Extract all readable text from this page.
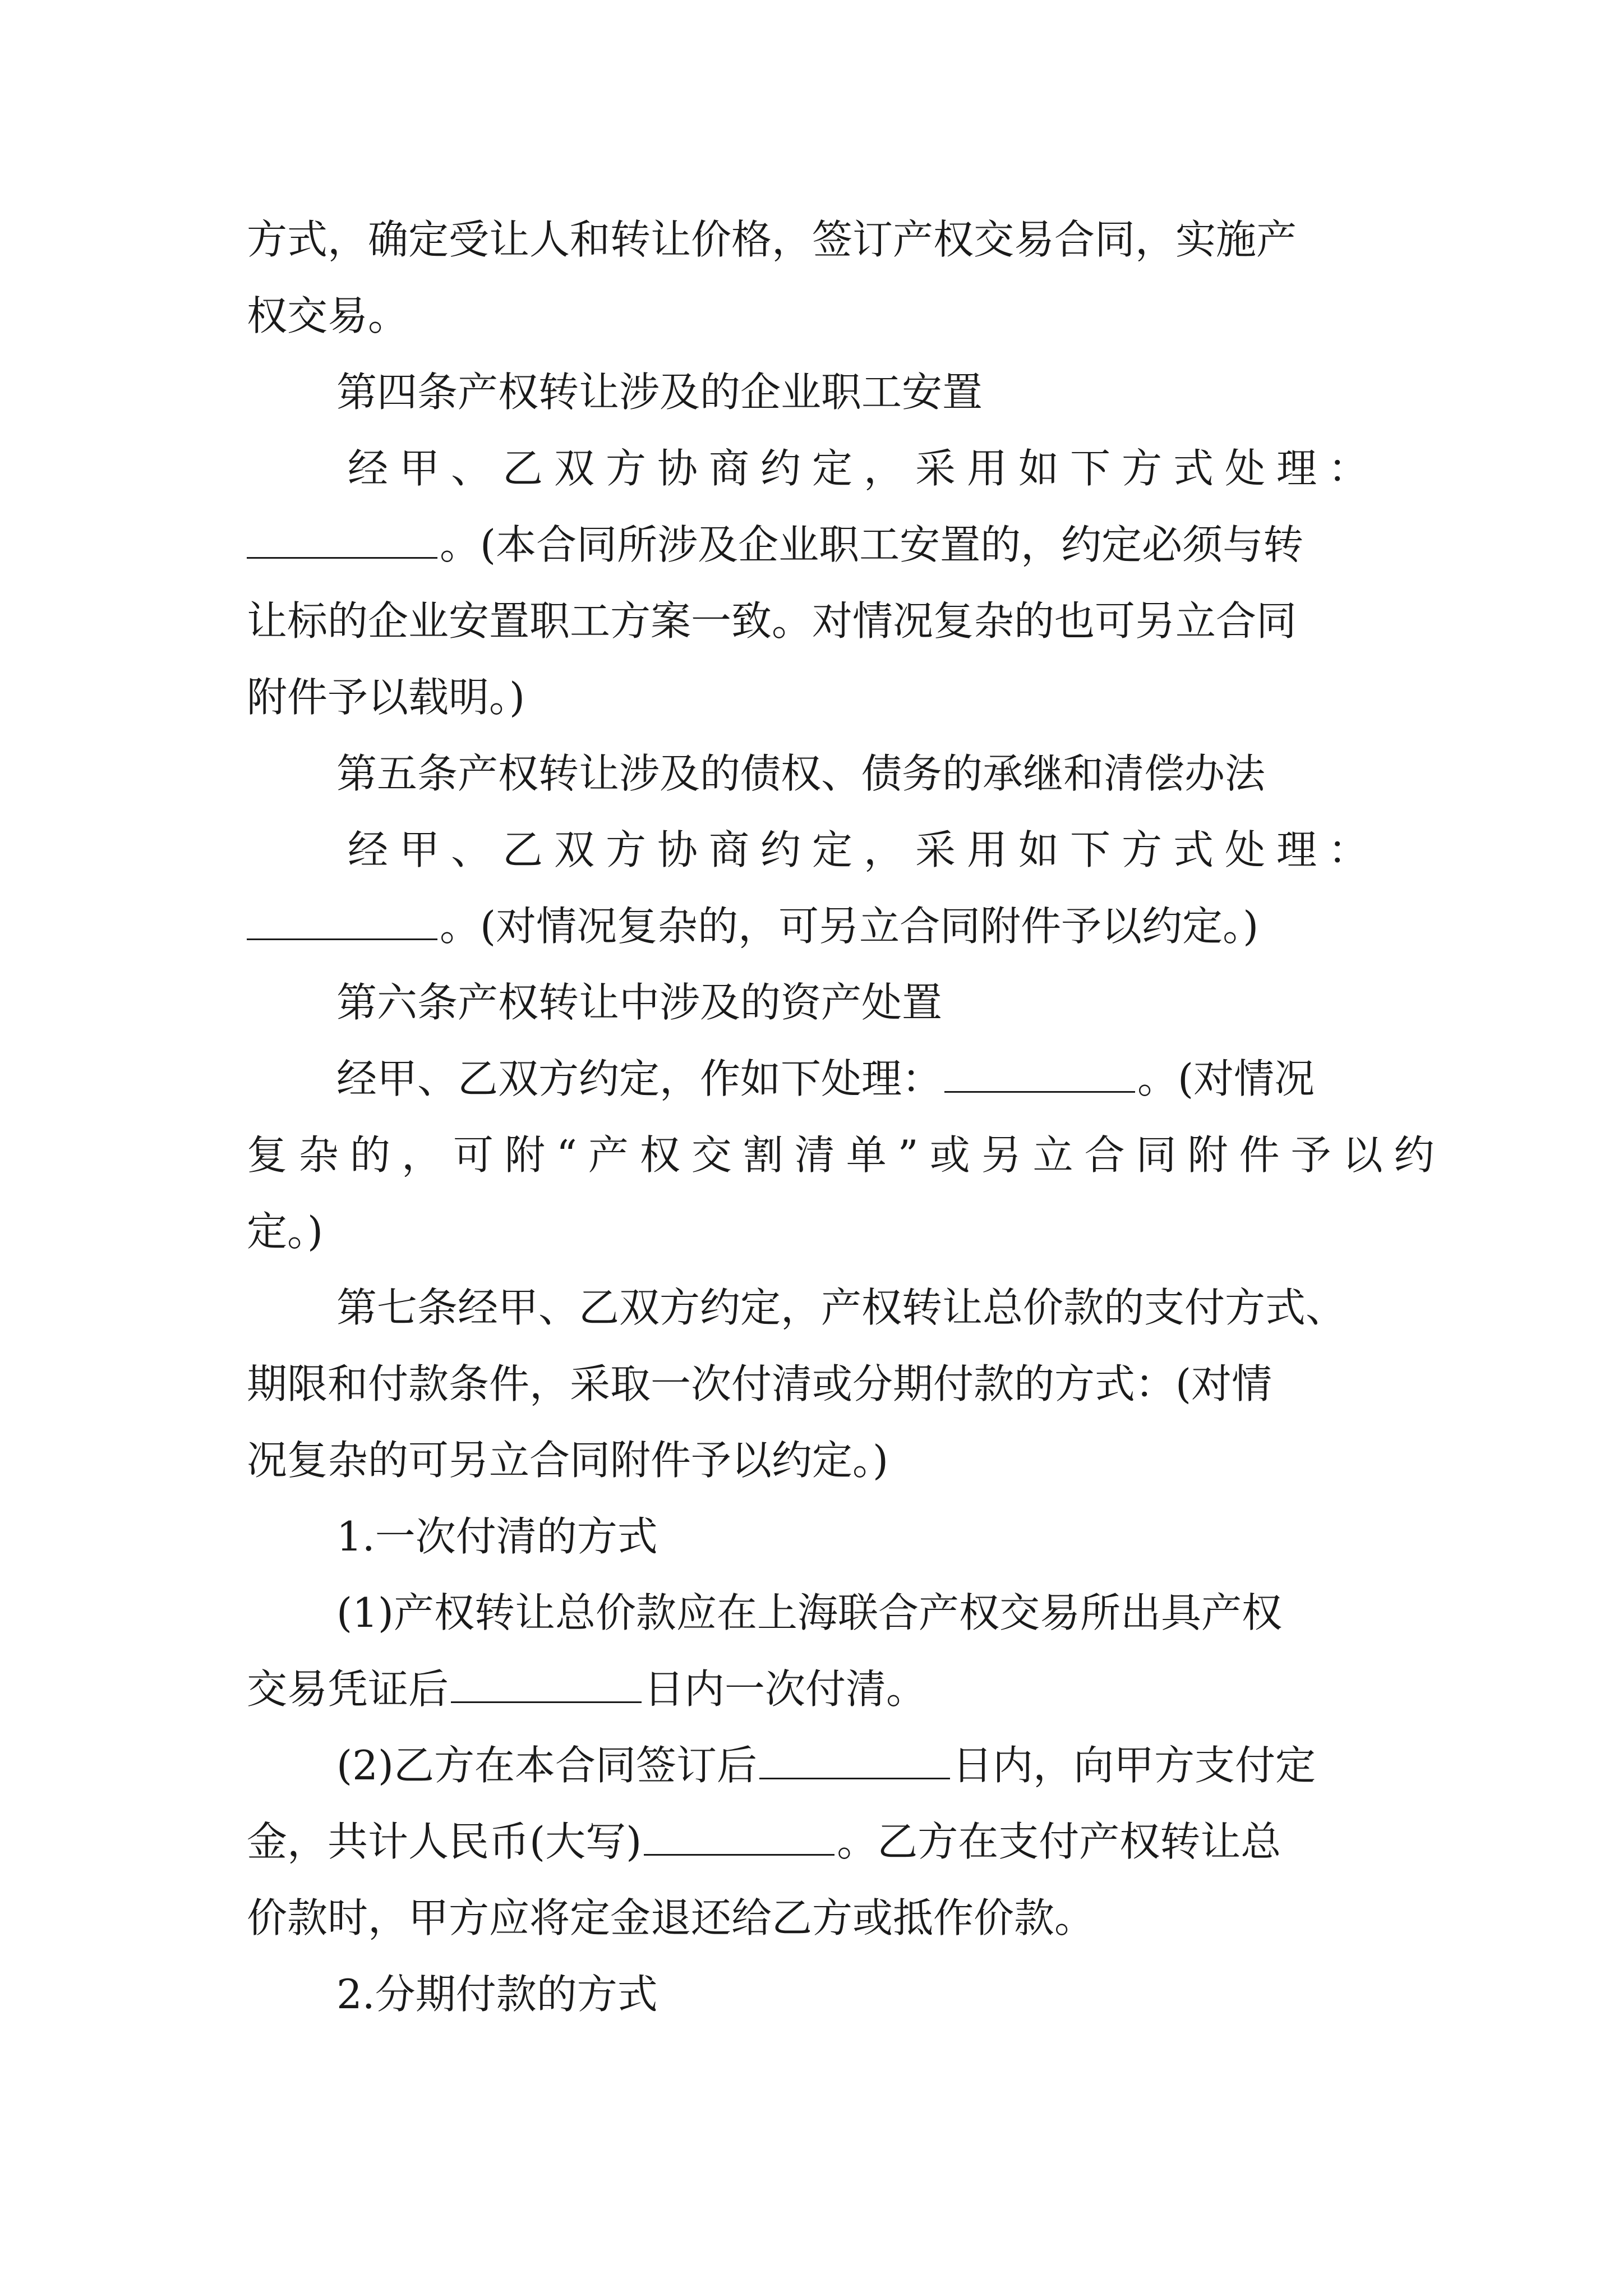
方式，确定受让人和转让价格，签订产权交易合同，实施产
权交易。
第四条产权转让涉及的企业职工安置
经甲、乙双方协商约定，采用如下方式处理：
。(本合同所涉及企业职工安置的，约定必须与转
让标的企业安置职工方案一致。对情况复杂的也可另立合同
附件予以载明。)
第五条产权转让涉及的债权、债务的承继和清偿办法
经甲、乙双方协商约定，采用如下方式处理：
。(对情况复杂的，可另立合同附件予以约定。)
第六条产权转让中涉及的资产处置
经甲、乙双方约定，作如下处理：	。(对情况
复杂的，可附“产权交割清单”或另立合同附件予以约
定。)
第七条经甲、乙双方约定，产权转让总价款的支付方式、
期限和付款条件，采取一次付清或分期付款的方式：(对情
况复杂的可另立合同附件予以约定。)
1.一次付清的方式
(1)产权转让总价款应在上海联合产权交易所出具产权
交易凭证后	日内一次付清。
(2)乙方在本合同签订后	日内，向甲方支付定
金，共计人民币(大写)	。乙方在支付产权转让总
价款时，甲方应将定金退还给乙方或抵作价款。
2.分期付款的方式
